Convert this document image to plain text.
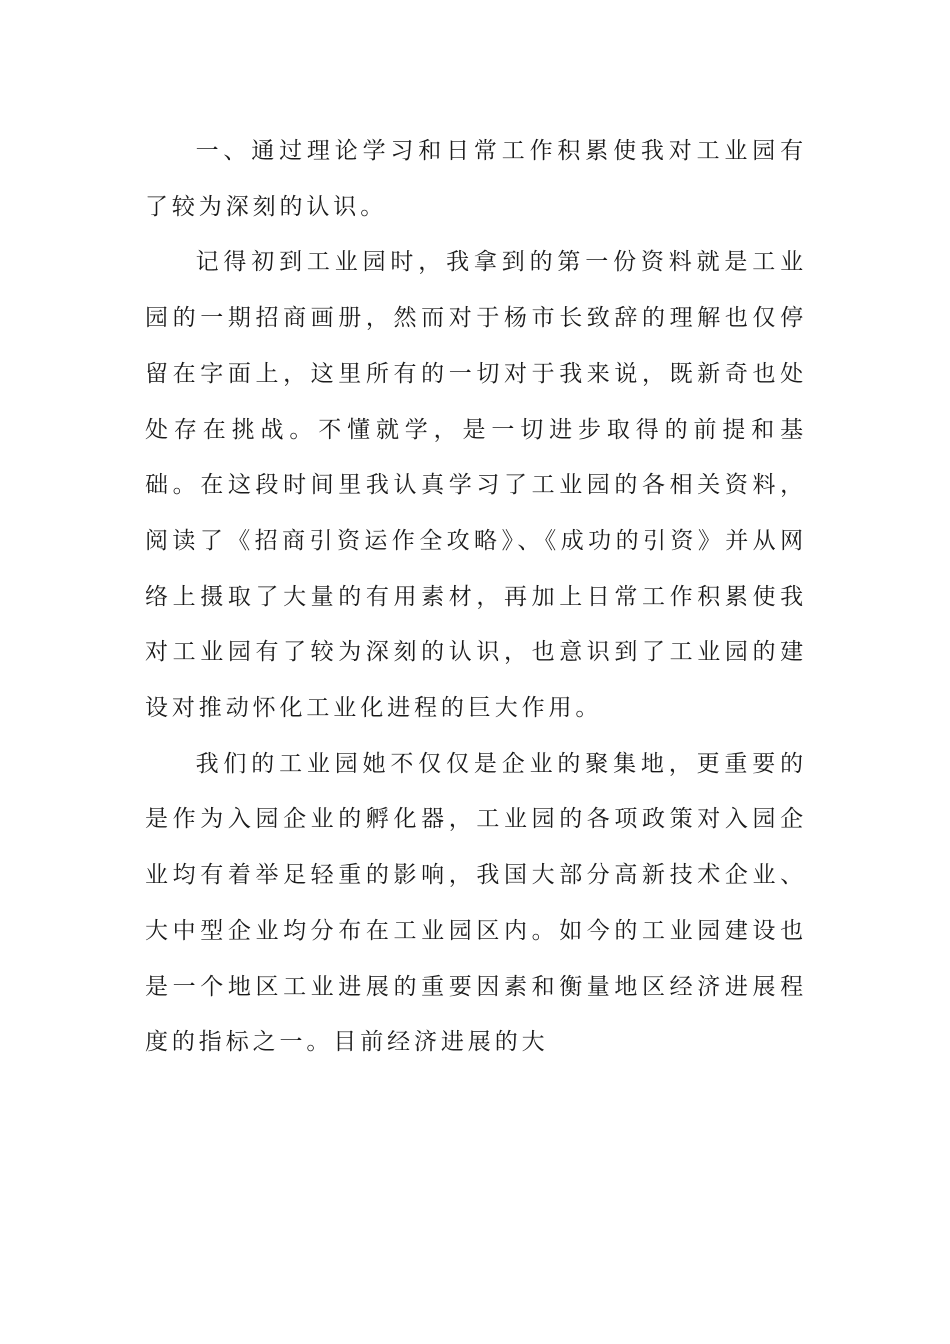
一、通过理论学习和日常工作积累使我对工业园有了较为深刻的认识。

记得初到工业园时，我拿到的第一份资料就是工业园的一期招商画册，然而对于杨市长致辞的理解也仅停留在字面上，这里所有的一切对于我来说，既新奇也处处存在挑战。不懂就学，是一切进步取得的前提和基础。在这段时间里我认真学习了工业园的各相关资料，阅读了《招商引资运作全攻略》、《成功的引资》并从网络上摄取了大量的有用素材，再加上日常工作积累使我对工业园有了较为深刻的认识，也意识到了工业园的建设对推动怀化工业化进程的巨大作用。

我们的工业园她不仅仅是企业的聚集地，更重要的是作为入园企业的孵化器，工业园的各项政策对入园企业均有着举足轻重的影响，我国大部分高新技术企业、大中型企业均分布在工业园区内。如今的工业园建设也是一个地区工业进展的重要因素和衡量地区经济进展程度的指标之一。目前经济进展的大
